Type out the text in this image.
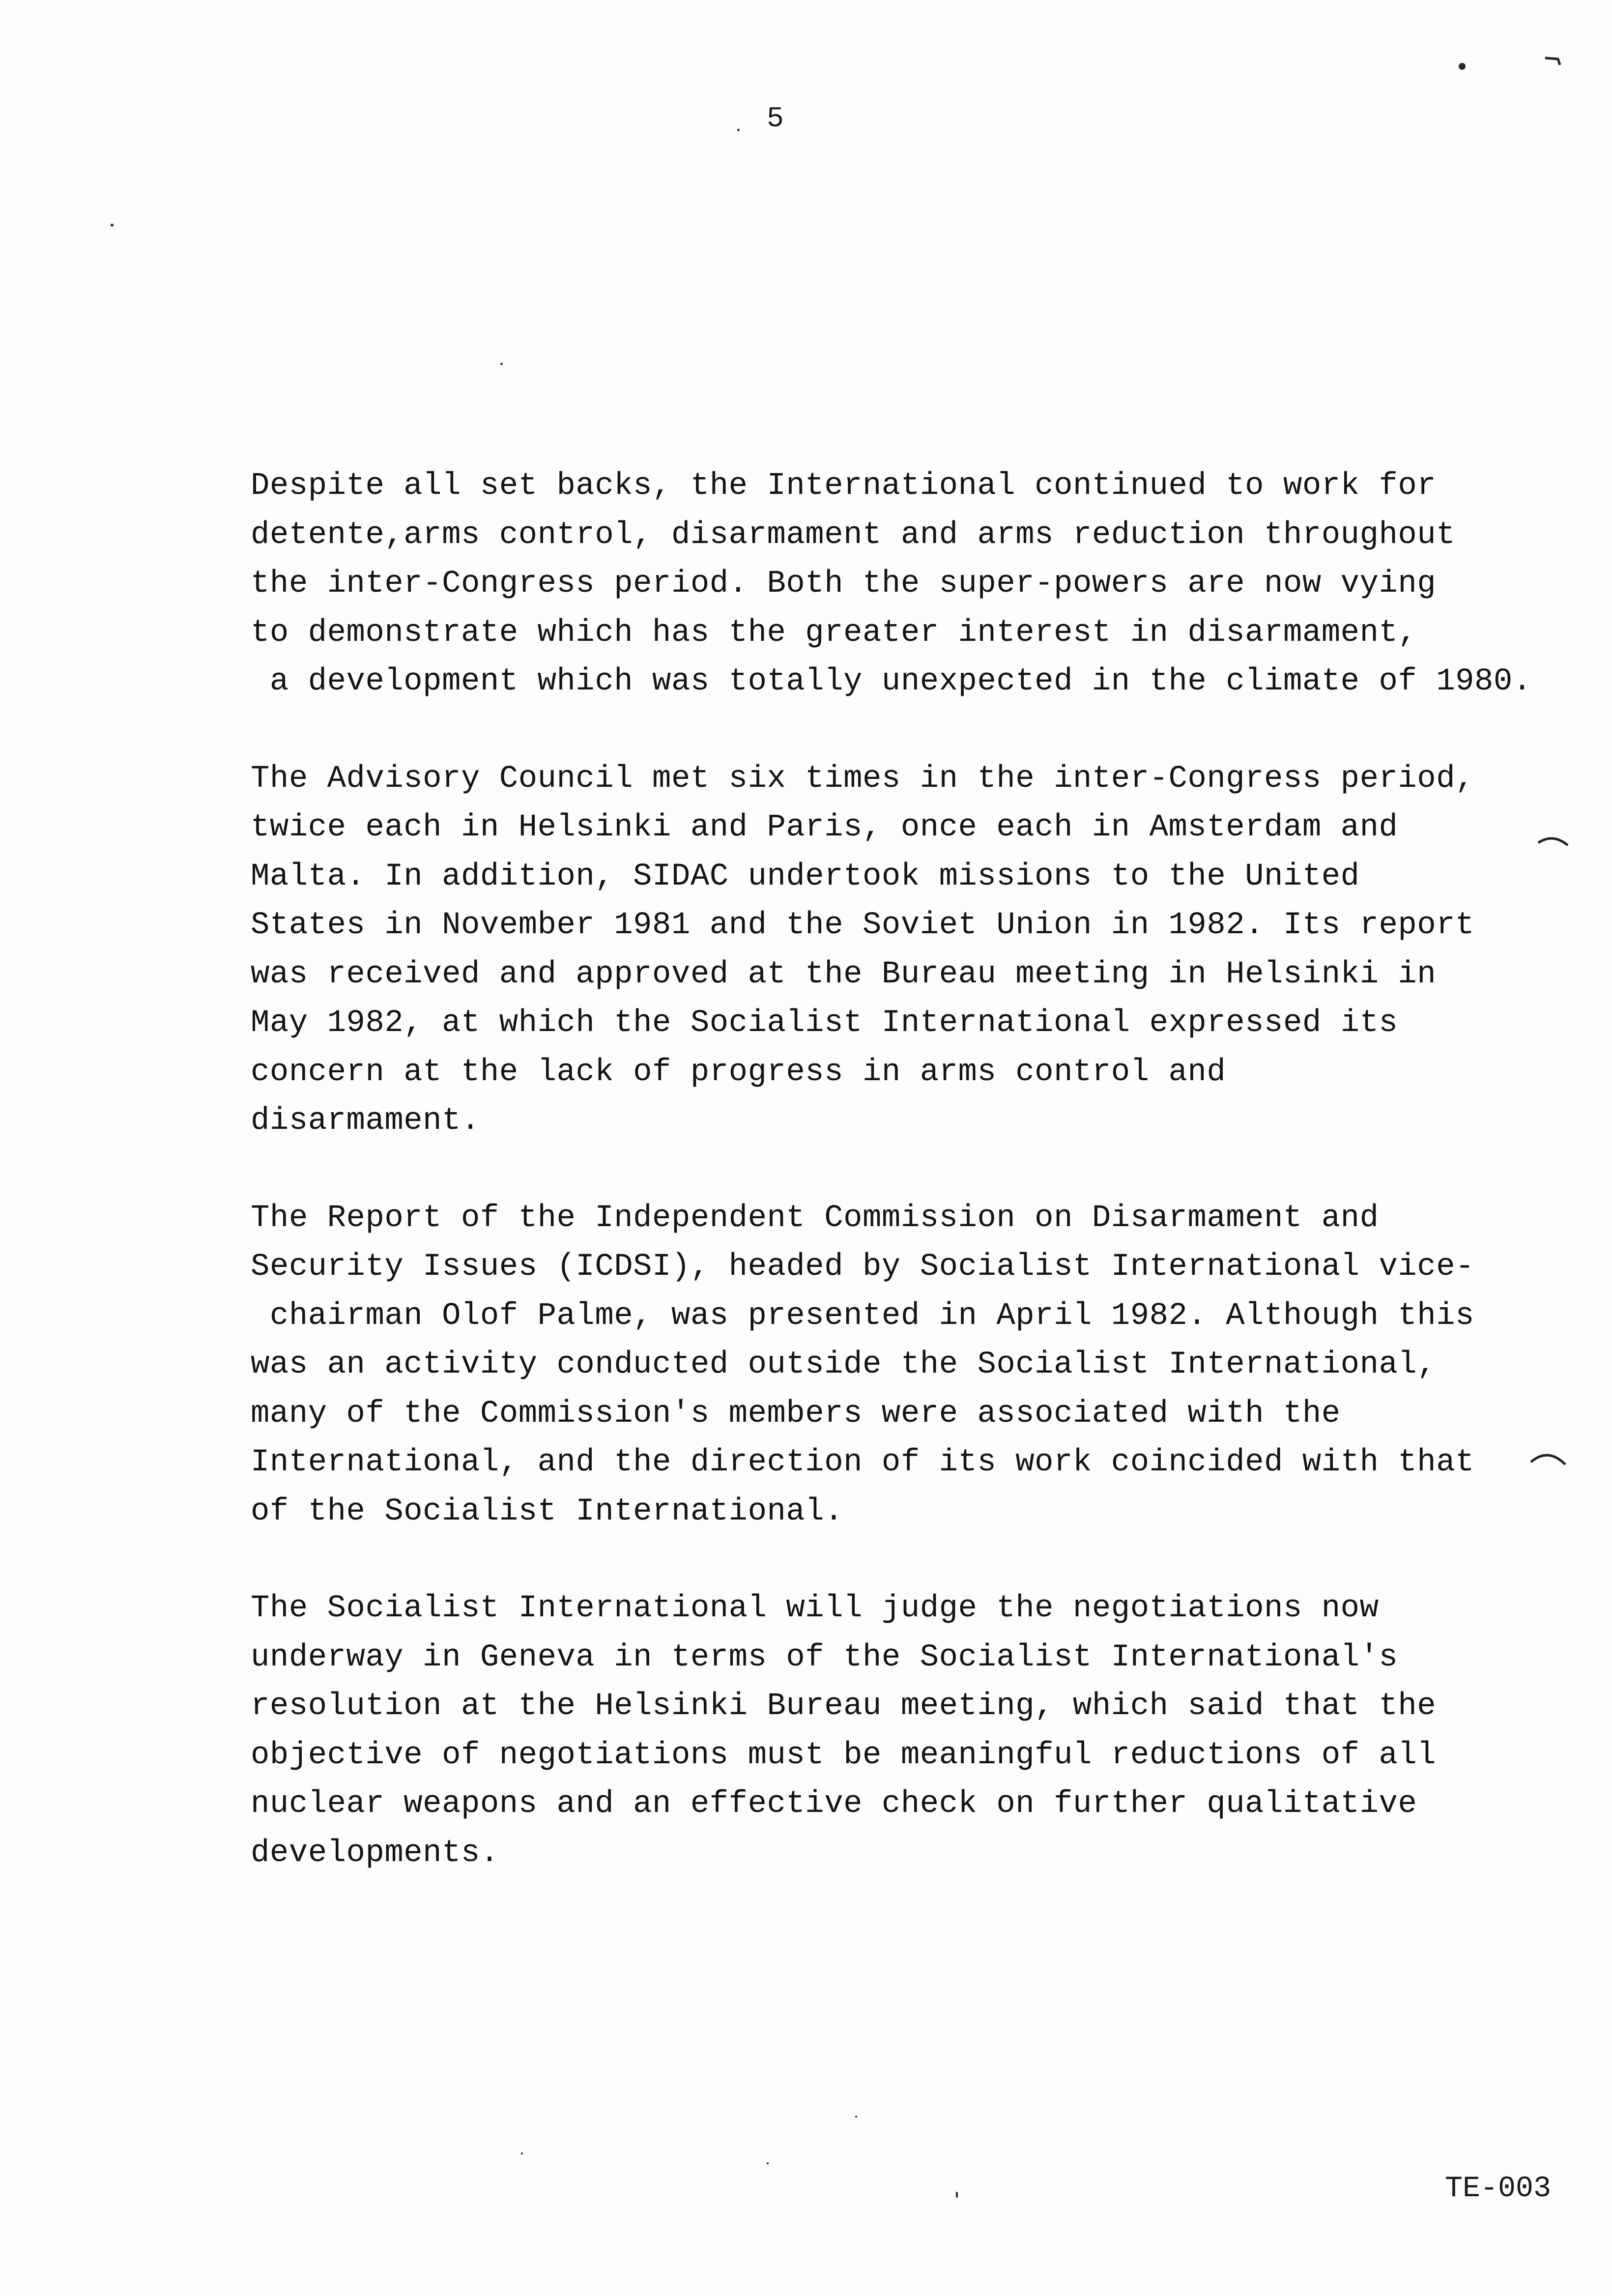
5
Despite all set backs, the International continued to work for
detente,arms control, disarmament and arms reduction throughout
the inter-Congress period. Both the super-powers are now vying
to demonstrate which has the greater interest in disarmament,
a development which was totally unexpected in the climate of 1980.
The Advisory Council met six times in the inter-Congress period,
twice each in Helsinki and Paris, once each in Amsterdam and
Malta. In addition, SIDAC undertook missions to the United
States in November 1981 and the Soviet Union in 1982. Its report
was received and approved at the Bureau meeting in Helsinki in
May 1982, at which the Socialist International expressed its
concern at the lack of progress in arms control and
disarmament.
The Report of the Independent Commission on Disarmament and
Security Issues (ICDSI), headed by Socialist International vice-
chairman Olof Palme, was presented in April 1982. Although this
was an activity conducted outside the Socialist International,
many of the Commission's members were associated with the
International, and the direction of its work coincided with that
of the Socialist International.
The Socialist International will judge the negotiations now
underway in Geneva in terms of the Socialist International's
resolution at the Helsinki Bureau meeting, which said that the
objective of negotiations must be meaningful reductions of all
nuclear weapons and an effective check on further qualitative
developments.
TE-003
